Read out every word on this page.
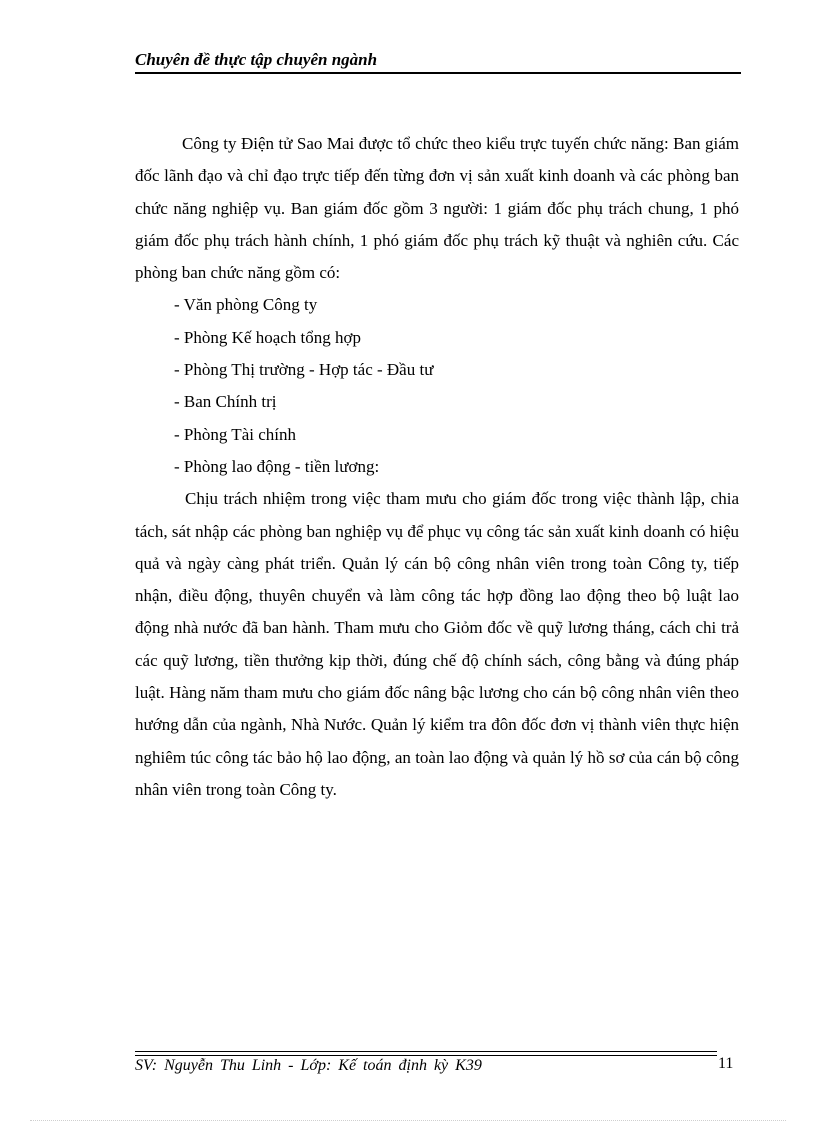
Chuyên đề thực tập chuyên ngành

Công ty Điện tử Sao Mai được tổ chức theo kiểu trực tuyến chức năng: Ban giám đốc lãnh đạo và chỉ đạo trực tiếp đến từng đơn vị sản xuất kinh doanh và các phòng ban chức năng nghiệp vụ. Ban giám đốc gồm 3 người: 1 giám đốc phụ trách chung, 1 phó giám đốc phụ trách hành chính, 1 phó giám đốc phụ trách kỹ thuật và nghiên cứu. Các phòng ban chức năng gồm có:

- Văn phòng Công ty
- Phòng Kế hoạch tổng hợp
- Phòng Thị trường - Hợp tác - Đầu tư
- Ban Chính trị
- Phòng Tài chính
- Phòng lao động - tiền lương:

Chịu trách nhiệm trong việc tham mưu cho giám đốc trong việc thành lập, chia tách, sát nhập các phòng ban nghiệp vụ để phục vụ công tác sản xuất kinh doanh có hiệu quả và ngày càng phát triển. Quản lý cán bộ công nhân viên trong toàn Công ty, tiếp nhận, điều động, thuyên chuyển và làm công tác hợp đồng lao động theo bộ luật lao động nhà nước đã ban hành. Tham mưu cho Giỏm đốc về quỹ lương tháng, cách chi trả các quỹ lương, tiền thưởng kịp thời, đúng chế độ chính sách, công bằng và đúng pháp luật. Hàng năm tham mưu cho giám đốc nâng bậc lương cho cán bộ công nhân viên theo hướng dẫn của ngành, Nhà Nước. Quản lý kiểm tra đôn đốc đơn vị thành viên thực hiện nghiêm túc công tác bảo hộ lao động, an toàn lao động và quản lý hồ sơ của cán bộ công nhân viên trong toàn Công ty.

SV: Nguyễn Thu Linh - Lớp: Kế toán định kỳ K39	11
